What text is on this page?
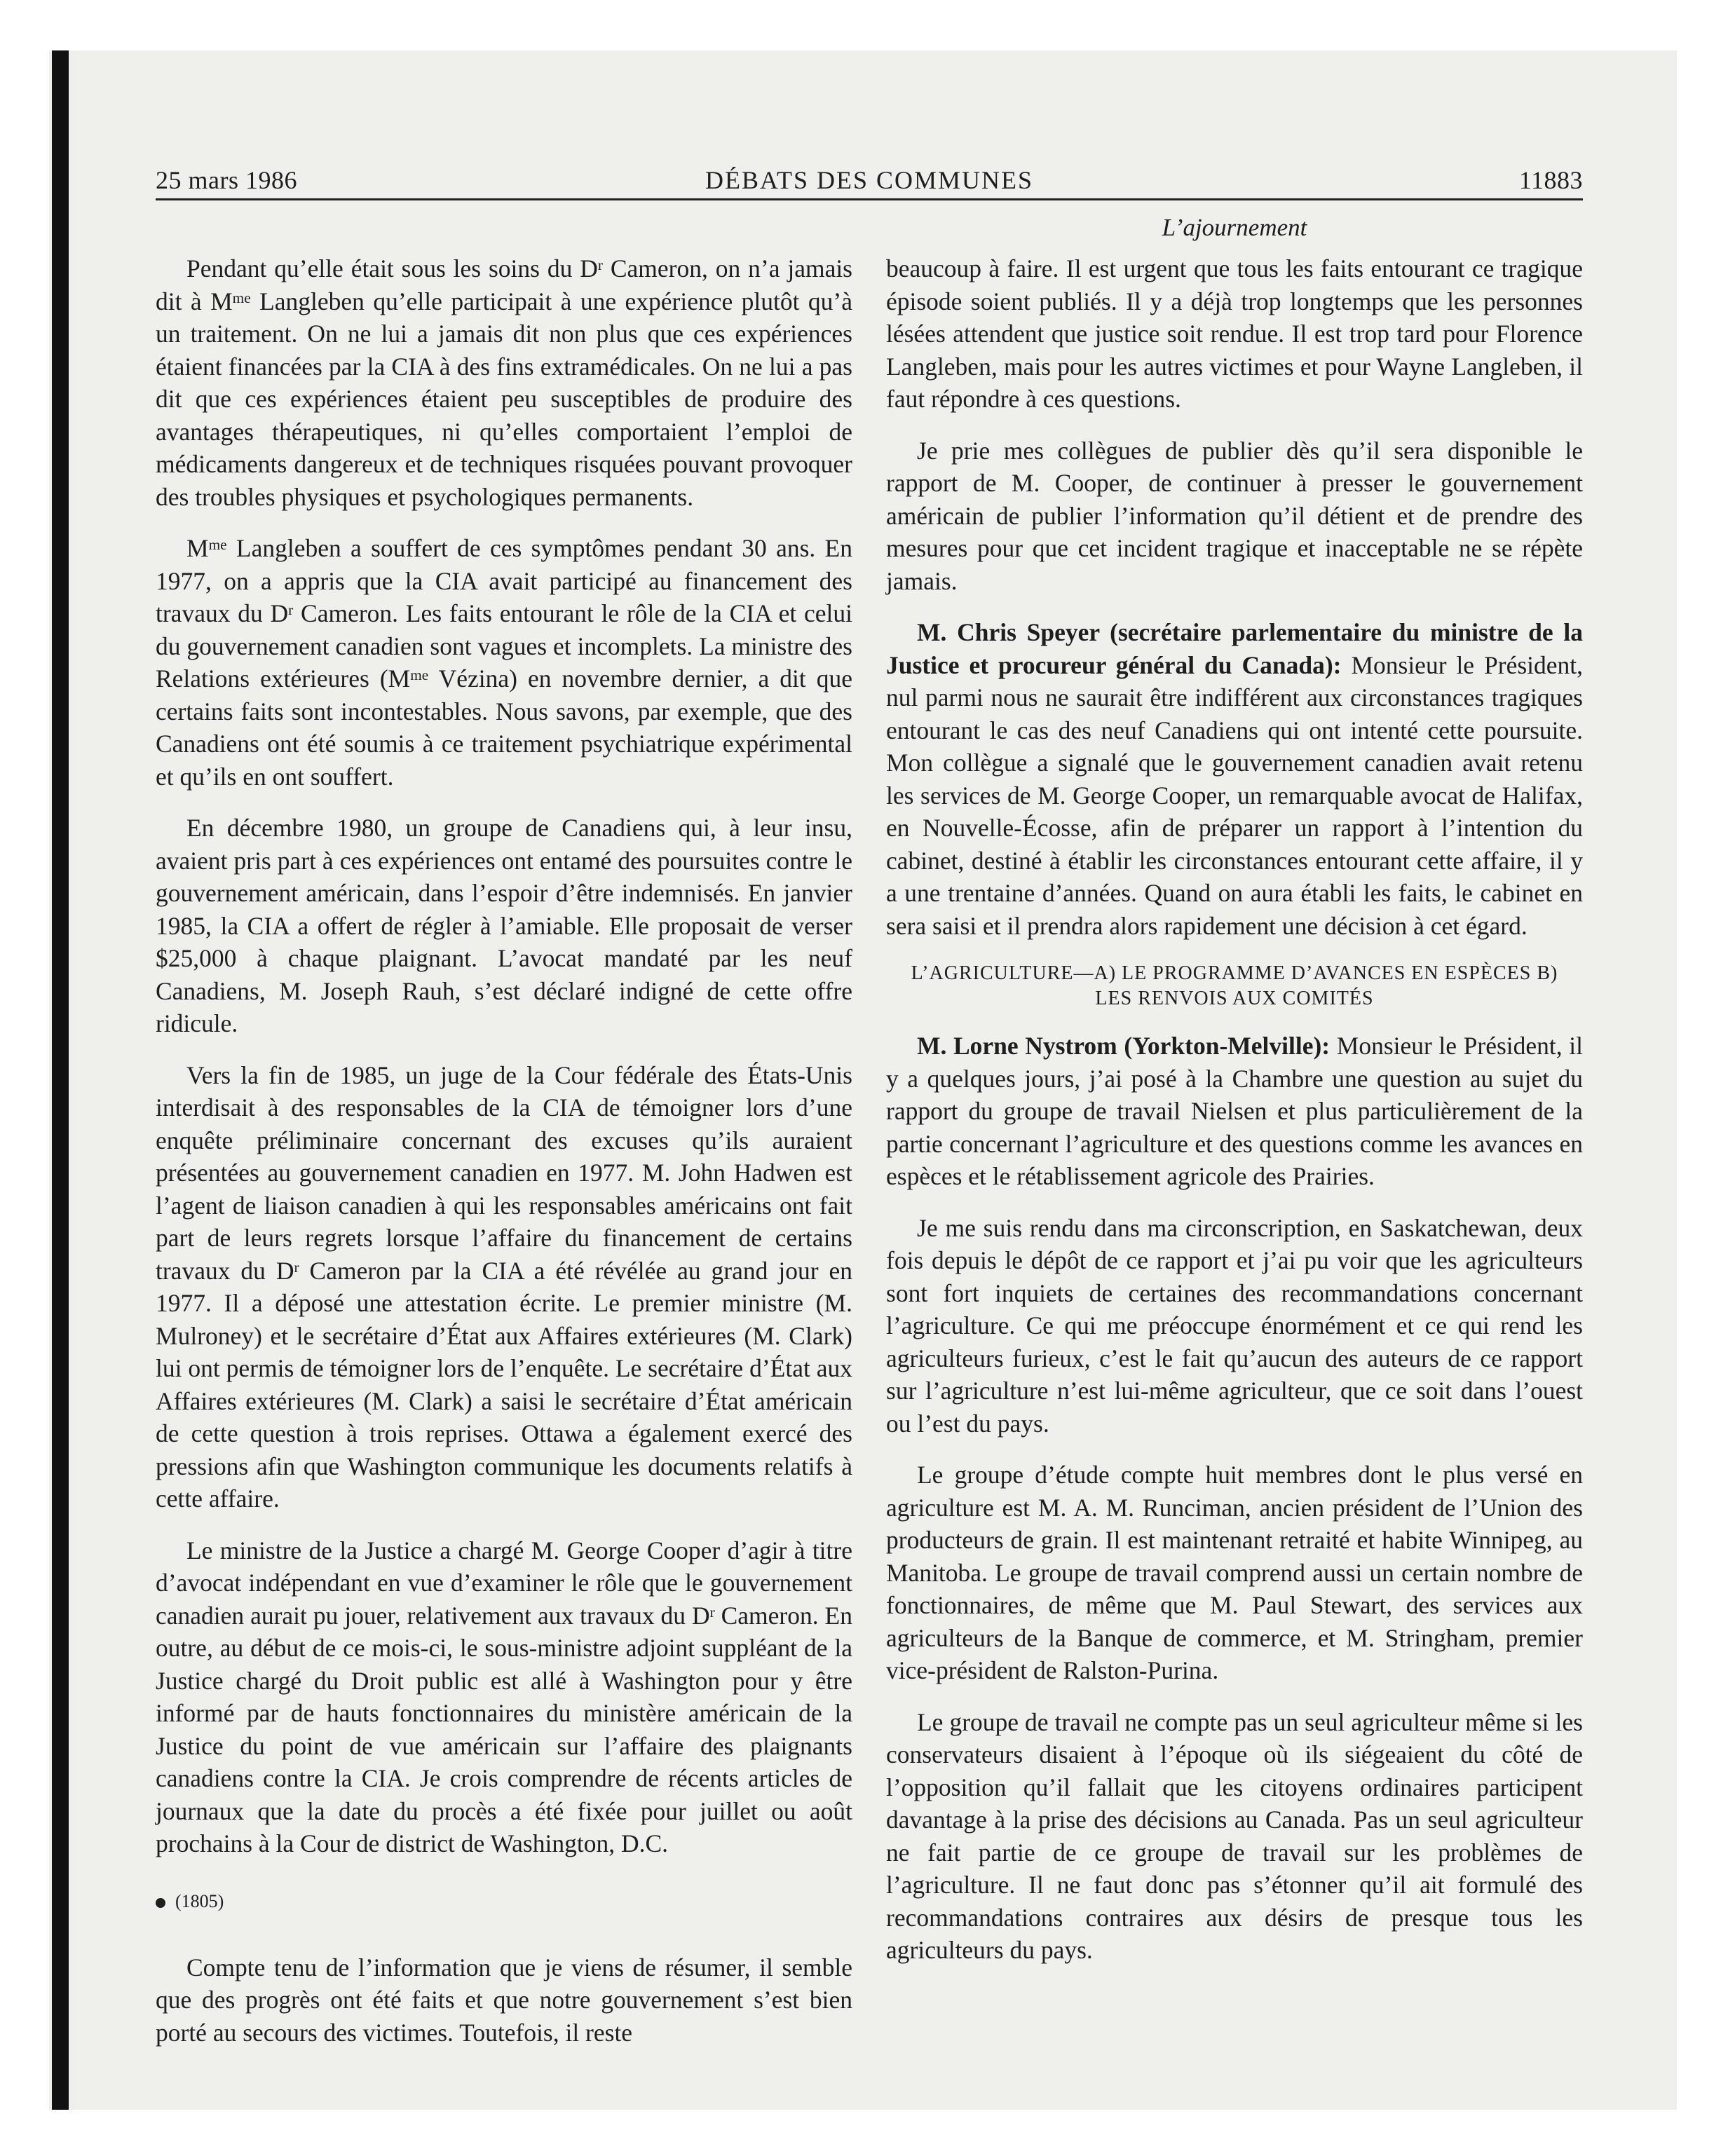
25 mars 1986	DÉBATS DES COMMUNES	11883
L’ajournement

Pendant qu’elle était sous les soins du $D^r$ Cameron, on n’a jamais dit à $M^{me}$ Langleben qu’elle participait à une expérience plutôt qu’à un traitement. On ne lui a jamais dit non plus que ces expériences étaient financées par la CIA à des fins extramédicales. On ne lui a pas dit que ces expériences étaient peu susceptibles de produire des avantages thérapeutiques, ni qu’elles comportaient l’emploi de médicaments dangereux et de techniques risquées pouvant provoquer des troubles physiques et psychologiques permanents.

$M^{me}$ Langleben a souffert de ces symptômes pendant 30 ans. En 1977, on a appris que la CIA avait participé au financement des travaux du $D^r$ Cameron. Les faits entourant le rôle de la CIA et celui du gouvernement canadien sont vagues et incomplets. La ministre des Relations extérieures ($M^{me}$ Vézina) en novembre dernier, a dit que certains faits sont incontestables. Nous savons, par exemple, que des Canadiens ont été soumis à ce traitement psychiatrique expérimental et qu’ils en ont souffert.

En décembre 1980, un groupe de Canadiens qui, à leur insu, avaient pris part à ces expériences ont entamé des poursuites contre le gouvernement américain, dans l’espoir d’être indemnisés. En janvier 1985, la CIA a offert de régler à l’amiable. Elle proposait de verser $25,000 à chaque plaignant. L’avocat mandaté par les neuf Canadiens, M. Joseph Rauh, s’est déclaré indigné de cette offre ridicule.

Vers la fin de 1985, un juge de la Cour fédérale des États-Unis interdisait à des responsables de la CIA de témoigner lors d’une enquête préliminaire concernant des excuses qu’ils auraient présentées au gouvernement canadien en 1977. M. John Hadwen est l’agent de liaison canadien à qui les responsables américains ont fait part de leurs regrets lorsque l’affaire du financement de certains travaux du $D^r$ Cameron par la CIA a été révélée au grand jour en 1977. Il a déposé une attestation écrite. Le premier ministre (M. Mulroney) et le secrétaire d’État aux Affaires extérieures (M. Clark) lui ont permis de témoigner lors de l’enquête. Le secrétaire d’État aux Affaires extérieures (M. Clark) a saisi le secrétaire d’État américain de cette question à trois reprises. Ottawa a également exercé des pressions afin que Washington communique les documents relatifs à cette affaire.

Le ministre de la Justice a chargé M. George Cooper d’agir à titre d’avocat indépendant en vue d’examiner le rôle que le gouvernement canadien aurait pu jouer, relativement aux travaux du $D^r$ Cameron. En outre, au début de ce mois-ci, le sous-ministre adjoint suppléant de la Justice chargé du Droit public est allé à Washington pour y être informé par de hauts fonctionnaires du ministère américain de la Justice du point de vue américain sur l’affaire des plaignants canadiens contre la CIA. Je crois comprendre de récents articles de journaux que la date du procès a été fixée pour juillet ou août prochains à la Cour de district de Washington, D.C.

(1805)

Compte tenu de l’information que je viens de résumer, il semble que des progrès ont été faits et que notre gouvernement s’est bien porté au secours des victimes. Toutefois, il reste

beaucoup à faire. Il est urgent que tous les faits entourant ce tragique épisode soient publiés. Il y a déjà trop longtemps que les personnes lésées attendent que justice soit rendue. Il est trop tard pour Florence Langleben, mais pour les autres victimes et pour Wayne Langleben, il faut répondre à ces questions.

Je prie mes collègues de publier dès qu’il sera disponible le rapport de M. Cooper, de continuer à presser le gouvernement américain de publier l’information qu’il détient et de prendre des mesures pour que cet incident tragique et inacceptable ne se répète jamais.

M. Chris Speyer (secrétaire parlementaire du ministre de la Justice et procureur général du Canada): Monsieur le Président, nul parmi nous ne saurait être indifférent aux circonstances tragiques entourant le cas des neuf Canadiens qui ont intenté cette poursuite. Mon collègue a signalé que le gouvernement canadien avait retenu les services de M. George Cooper, un remarquable avocat de Halifax, en Nouvelle-Écosse, afin de préparer un rapport à l’intention du cabinet, destiné à établir les circonstances entourant cette affaire, il y a une trentaine d’années. Quand on aura établi les faits, le cabinet en sera saisi et il prendra alors rapidement une décision à cet égard.

L’AGRICULTURE—A) LE PROGRAMME D’AVANCES EN ESPÈCES B)
LES RENVOIS AUX COMITÉS

M. Lorne Nystrom (Yorkton-Melville): Monsieur le Président, il y a quelques jours, j’ai posé à la Chambre une question au sujet du rapport du groupe de travail Nielsen et plus particulièrement de la partie concernant l’agriculture et des questions comme les avances en espèces et le rétablissement agricole des Prairies.

Je me suis rendu dans ma circonscription, en Saskatchewan, deux fois depuis le dépôt de ce rapport et j’ai pu voir que les agriculteurs sont fort inquiets de certaines des recommandations concernant l’agriculture. Ce qui me préoccupe énormément et ce qui rend les agriculteurs furieux, c’est le fait qu’aucun des auteurs de ce rapport sur l’agriculture n’est lui-même agriculteur, que ce soit dans l’ouest ou l’est du pays.

Le groupe d’étude compte huit membres dont le plus versé en agriculture est M. A. M. Runciman, ancien président de l’Union des producteurs de grain. Il est maintenant retraité et habite Winnipeg, au Manitoba. Le groupe de travail comprend aussi un certain nombre de fonctionnaires, de même que M. Paul Stewart, des services aux agriculteurs de la Banque de commerce, et M. Stringham, premier vice-président de Ralston-Purina.

Le groupe de travail ne compte pas un seul agriculteur même si les conservateurs disaient à l’époque où ils siégeaient du côté de l’opposition qu’il fallait que les citoyens ordinaires participent davantage à la prise des décisions au Canada. Pas un seul agriculteur ne fait partie de ce groupe de travail sur les problèmes de l’agriculture. Il ne faut donc pas s’étonner qu’il ait formulé des recommandations contraires aux désirs de presque tous les agriculteurs du pays.
